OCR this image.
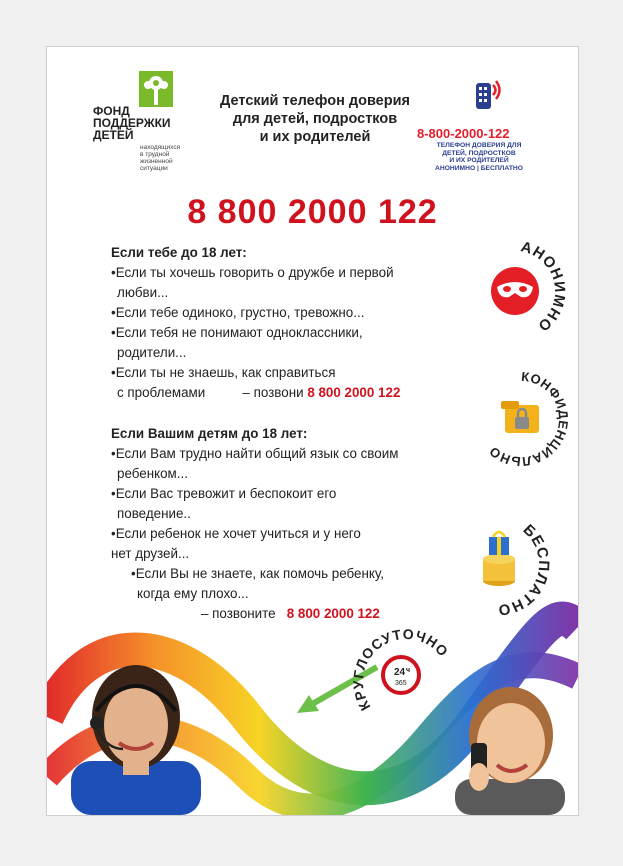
ФОНД
ПОДДЕРЖКИ
ДЕТЕЙ
находящихся
в трудной
жизненной
ситуации
Детский телефон доверия
для детей, подростков
и их родителей	8-800-2000-122
ТЕЛЕФОН ДОВЕРИЯ ДЛЯ
ДЕТЕЙ, ПОДРОСТКОВ
И ИХ РОДИТЕЛЕЙ
АНОНИМНО | БЕСПЛАТНО
8 800 2000 122
Если тебе до 18 лет:
•Если ты хочешь говорить о дружбе и первой
любви...
•Если тебе одиноко, грустно, тревожно...
•Если тебя не понимают одноклассники,
родители...
•Если ты не знаешь, как справиться
с проблемами          – позвони 8 800 2000 122
Если Вашим детям до 18 лет:
•Если Вам трудно найти общий язык со своим
ребенком...
•Если Вас тревожит и беспокоит его
поведение..
•Если ребенок не хочет учиться и у него
нет друзей...
•Если Вы не знаете, как помочь ребенку,
когда ему плохо...
– позвоните 8 800 2000 122
АНОНИМНО
КОНФИДЕНЦИАЛЬНО
БЕСПЛАТНО
24 ч
365
КРУГЛОСУТОЧНО
